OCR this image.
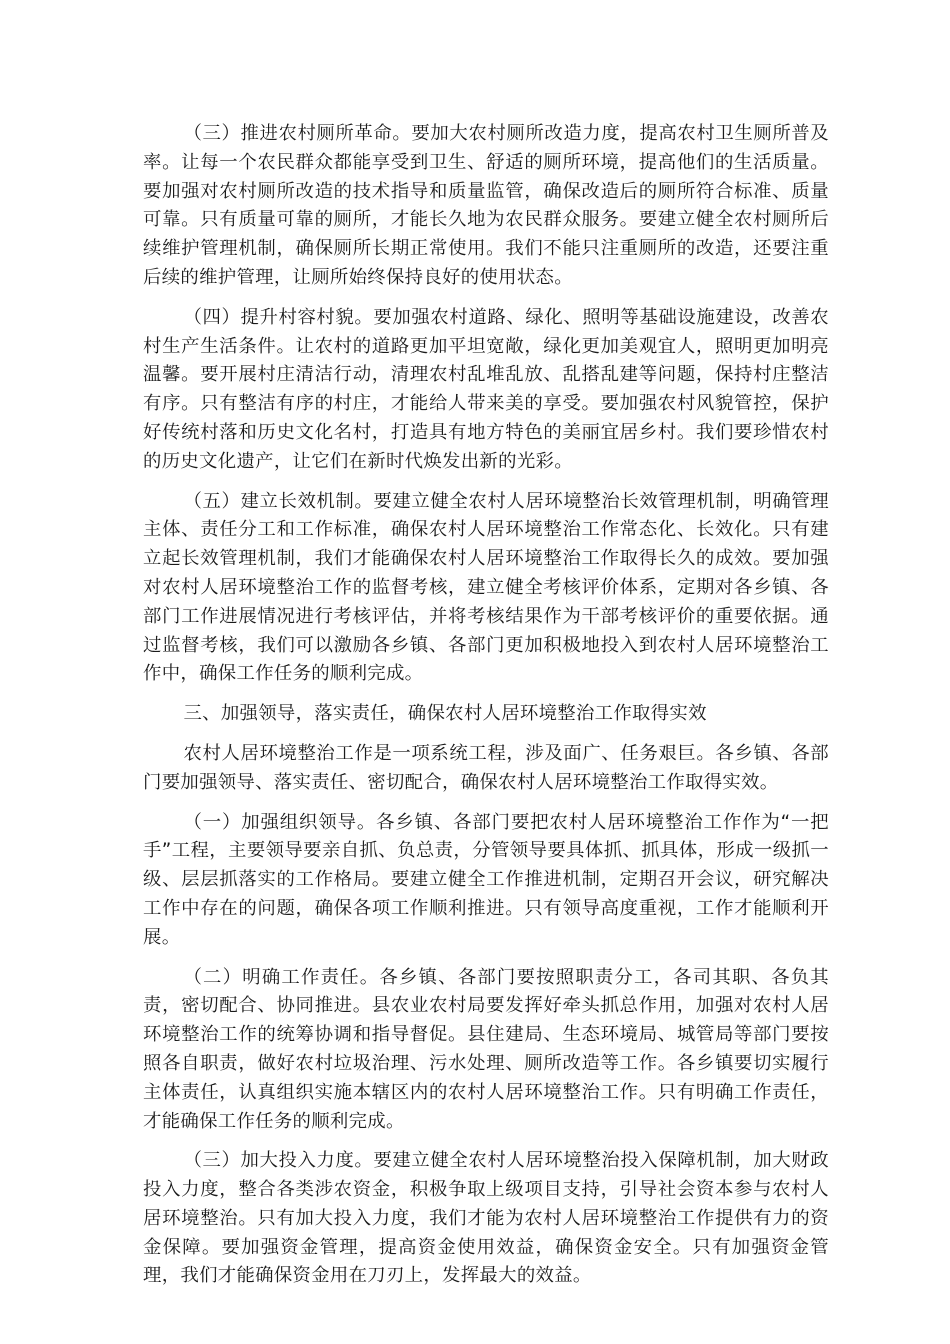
（三）推进农村厕所革命。要加大农村厕所改造力度，提高农村卫生厕所普及率。让每一个农民群众都能享受到卫生、舒适的厕所环境，提高他们的生活质量。要加强对农村厕所改造的技术指导和质量监管，确保改造后的厕所符合标准、质量可靠。只有质量可靠的厕所，才能长久地为农民群众服务。要建立健全农村厕所后续维护管理机制，确保厕所长期正常使用。我们不能只注重厕所的改造，还要注重后续的维护管理，让厕所始终保持良好的使用状态。

（四）提升村容村貌。要加强农村道路、绿化、照明等基础设施建设，改善农村生产生活条件。让农村的道路更加平坦宽敞，绿化更加美观宜人，照明更加明亮温馨。要开展村庄清洁行动，清理农村乱堆乱放、乱搭乱建等问题，保持村庄整洁有序。只有整洁有序的村庄，才能给人带来美的享受。要加强农村风貌管控，保护好传统村落和历史文化名村，打造具有地方特色的美丽宜居乡村。我们要珍惜农村的历史文化遗产，让它们在新时代焕发出新的光彩。

（五）建立长效机制。要建立健全农村人居环境整治长效管理机制，明确管理主体、责任分工和工作标准，确保农村人居环境整治工作常态化、长效化。只有建立起长效管理机制，我们才能确保农村人居环境整治工作取得长久的成效。要加强对农村人居环境整治工作的监督考核，建立健全考核评价体系，定期对各乡镇、各部门工作进展情况进行考核评估，并将考核结果作为干部考核评价的重要依据。通过监督考核，我们可以激励各乡镇、各部门更加积极地投入到农村人居环境整治工作中，确保工作任务的顺利完成。

三、加强领导，落实责任，确保农村人居环境整治工作取得实效

农村人居环境整治工作是一项系统工程，涉及面广、任务艰巨。各乡镇、各部门要加强领导、落实责任、密切配合，确保农村人居环境整治工作取得实效。

（一）加强组织领导。各乡镇、各部门要把农村人居环境整治工作作为“一把手”工程，主要领导要亲自抓、负总责，分管领导要具体抓、抓具体，形成一级抓一级、层层抓落实的工作格局。要建立健全工作推进机制，定期召开会议，研究解决工作中存在的问题，确保各项工作顺利推进。只有领导高度重视，工作才能顺利开展。

（二）明确工作责任。各乡镇、各部门要按照职责分工，各司其职、各负其责，密切配合、协同推进。县农业农村局要发挥好牵头抓总作用，加强对农村人居环境整治工作的统筹协调和指导督促。县住建局、生态环境局、城管局等部门要按照各自职责，做好农村垃圾治理、污水处理、厕所改造等工作。各乡镇要切实履行主体责任，认真组织实施本辖区内的农村人居环境整治工作。只有明确工作责任，才能确保工作任务的顺利完成。

（三）加大投入力度。要建立健全农村人居环境整治投入保障机制，加大财政投入力度，整合各类涉农资金，积极争取上级项目支持，引导社会资本参与农村人居环境整治。只有加大投入力度，我们才能为农村人居环境整治工作提供有力的资金保障。要加强资金管理，提高资金使用效益，确保资金安全。只有加强资金管理，我们才能确保资金用在刀刃上，发挥最大的效益。
